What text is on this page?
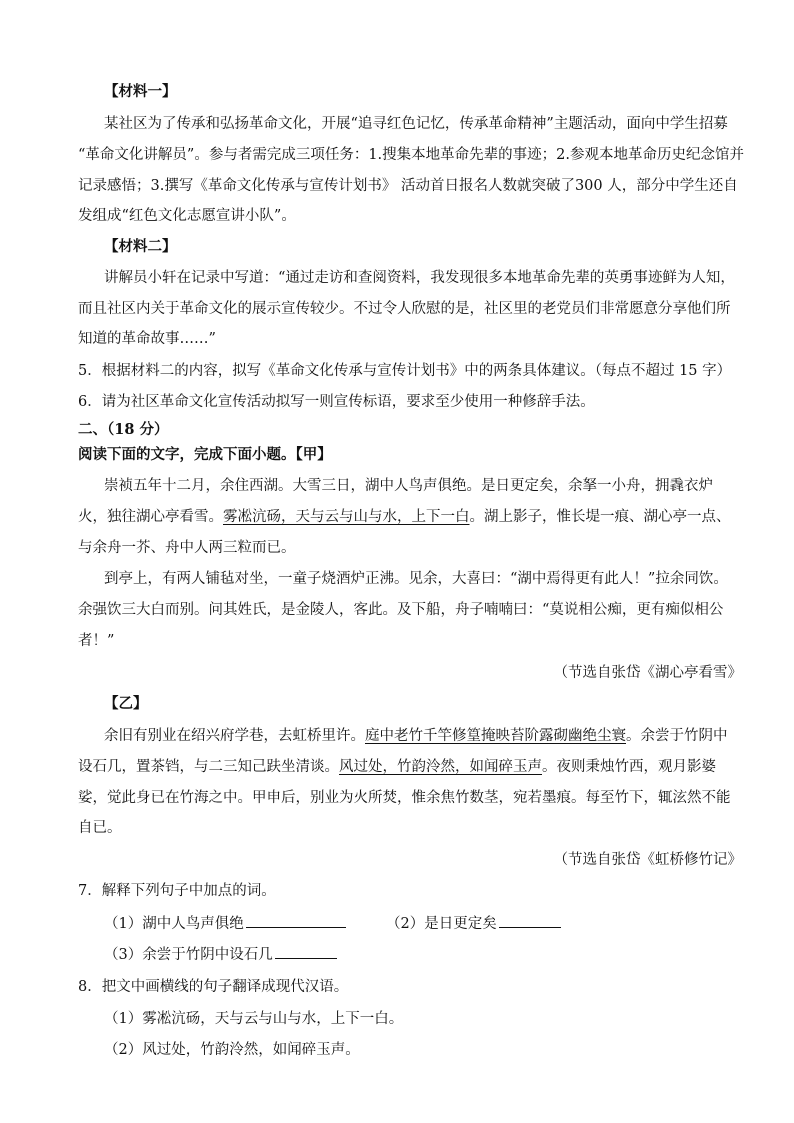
【材料一】
某社区为了传承和弘扬革命文化，开展“追寻红色记忆，传承革命精神”主题活动，面向中学生招募
“革命文化讲解员”。参与者需完成三项任务：1.搜集本地革命先辈的事迹；2.参观本地革命历史纪念馆并
记录感悟；3.撰写《革命文化传承与宣传计划书》 活动首日报名人数就突破了300 人，部分中学生还自
发组成“红色文化志愿宣讲小队”。
【材料二】
讲解员小轩在记录中写道：“通过走访和查阅资料，我发现很多本地革命先辈的英勇事迹鲜为人知，
而且社区内关于革命文化的展示宣传较少。不过令人欣慰的是，社区里的老党员们非常愿意分享他们所
知道的革命故事……”
5．根据材料二的内容，拟写《革命文化传承与宣传计划书》中的两条具体建议。（每点不超过 15 字）
6．请为社区革命文化宣传活动拟写一则宣传标语，要求至少使用一种修辞手法。
二、（18 分）
阅读下面的文字，完成下面小题。【甲】
崇祯五年十二月，余住西湖。大雪三日，湖中人鸟声俱绝。是日更定矣，余拏一小舟，拥毳衣炉
火，独往湖心亭看雪。雾凇沆砀，天与云与山与水，上下一白。湖上影子，惟长堤一痕、湖心亭一点、
与余舟一芥、舟中人两三粒而已。
到亭上，有两人铺毡对坐，一童子烧酒炉正沸。见余，大喜曰：“湖中焉得更有此人！”拉余同饮。
余强饮三大白而别。问其姓氏，是金陵人，客此。及下船，舟子喃喃曰：“莫说相公痴，更有痴似相公
者！”
（节选自张岱《湖心亭看雪》
【乙】
余旧有别业在绍兴府学巷，去虹桥里许。庭中老竹千竿修篁掩映苔阶露砌幽绝尘寰。余尝于竹阴中
设石几，置茶铛，与二三知己趺坐清谈。风过处，竹韵泠然，如闻碎玉声。夜则秉烛竹西，观月影婆
娑，觉此身已在竹海之中。甲申后，别业为火所焚，惟余焦竹数茎，宛若墨痕。每至竹下，辄泫然不能
自已。
（节选自张岱《虹桥修竹记》
7．解释下列句子中加点的词。
（1）湖中人鸟声俱绝	（2）是日更定矣
（3）余尝于竹阴中设石几
8．把文中画横线的句子翻译成现代汉语。
（1）雾凇沆砀，天与云与山与水，上下一白。
（2）风过处，竹韵泠然，如闻碎玉声。
